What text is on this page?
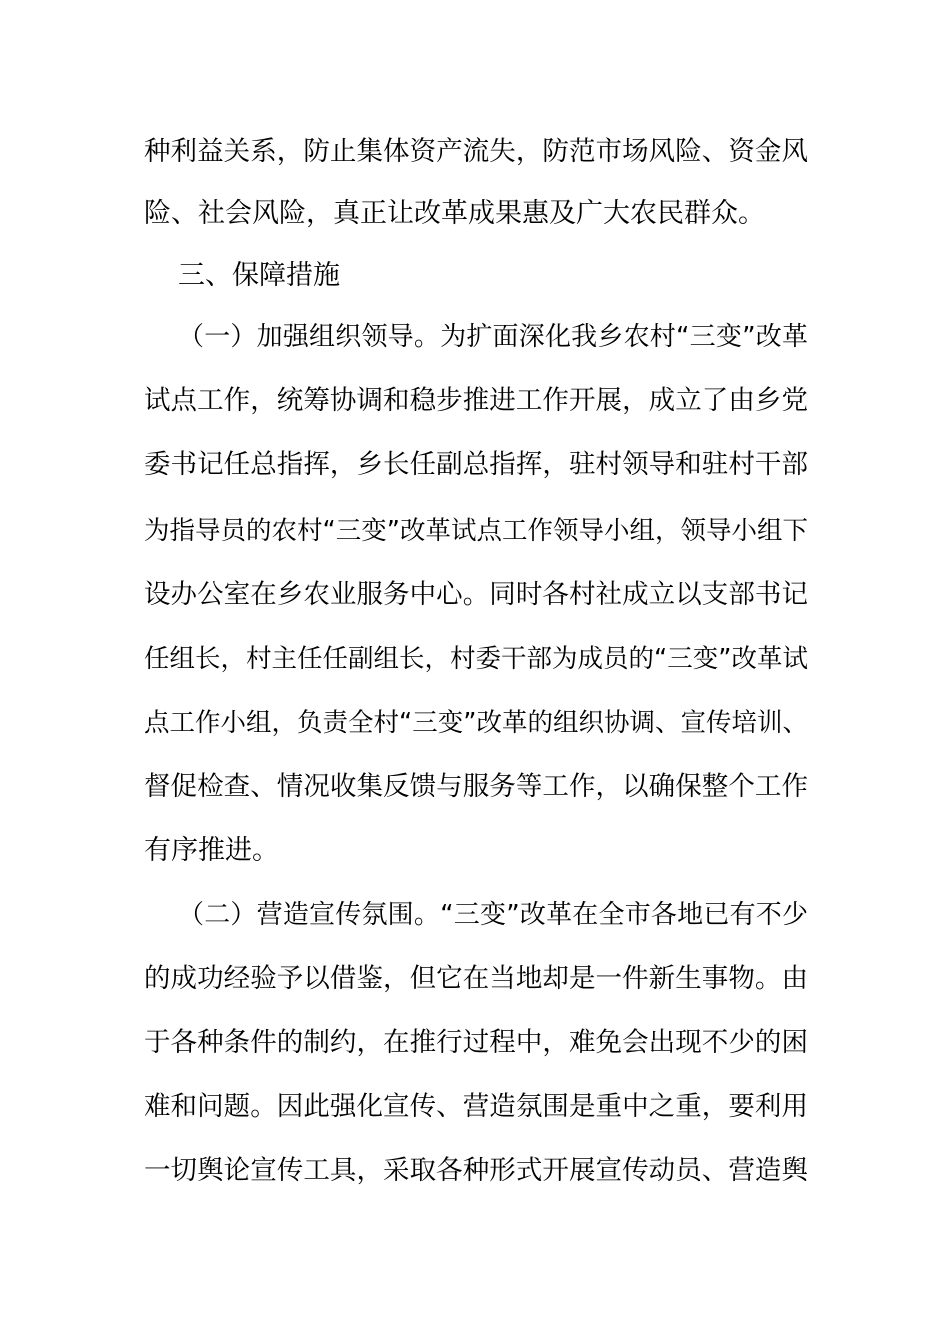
种利益关系，防止集体资产流失，防范市场风险、资金风
险、社会风险，真正让改革成果惠及广大农民群众。
三、保障措施
（一）加强组织领导。为扩面深化我乡农村“三变”改革
试点工作，统筹协调和稳步推进工作开展，成立了由乡党
委书记任总指挥，乡长任副总指挥，驻村领导和驻村干部
为指导员的农村“三变”改革试点工作领导小组，领导小组下
设办公室在乡农业服务中心。同时各村社成立以支部书记
任组长，村主任任副组长，村委干部为成员的“三变”改革试
点工作小组，负责全村“三变”改革的组织协调、宣传培训、
督促检查、情况收集反馈与服务等工作，以确保整个工作
有序推进。
（二）营造宣传氛围。“三变”改革在全市各地已有不少
的成功经验予以借鉴，但它在当地却是一件新生事物。由
于各种条件的制约，在推行过程中，难免会出现不少的困
难和问题。因此强化宣传、营造氛围是重中之重，要利用
一切舆论宣传工具，采取各种形式开展宣传动员、营造舆
